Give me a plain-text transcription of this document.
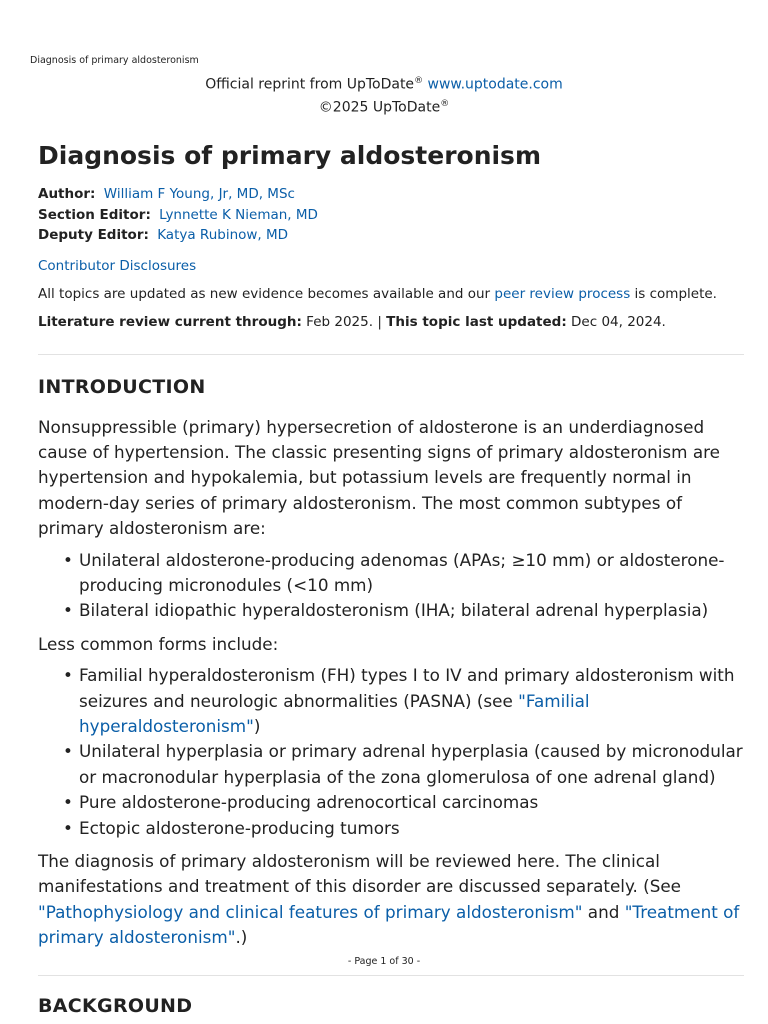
Diagnosis of primary aldosteronism
Official reprint from UpToDate® www.uptodate.com
©2025 UpToDate®
Diagnosis of primary aldosteronism
Author: William F Young, Jr, MD, MSc
Section Editor: Lynnette K Nieman, MD
Deputy Editor: Katya Rubinow, MD
Contributor Disclosures
All topics are updated as new evidence becomes available and our peer review process is complete.
Literature review current through: Feb 2025. | This topic last updated: Dec 04, 2024.
INTRODUCTION

Nonsuppressible (primary) hypersecretion of aldosterone is an underdiagnosed cause of hypertension. The classic presenting signs of primary aldosteronism are hypertension and hypokalemia, but potassium levels are frequently normal in modern-day series of primary aldosteronism. The most common subtypes of primary aldosteronism are:

• Unilateral aldosterone-producing adenomas (APAs; ≥10 mm) or aldosterone-producing micronodules (<10 mm)
• Bilateral idiopathic hyperaldosteronism (IHA; bilateral adrenal hyperplasia)

Less common forms include:

• Familial hyperaldosteronism (FH) types I to IV and primary aldosteronism with seizures and neurologic abnormalities (PASNA) (see "Familial hyperaldosteronism")
• Unilateral hyperplasia or primary adrenal hyperplasia (caused by micronodular or macronodular hyperplasia of the zona glomerulosa of one adrenal gland)
• Pure aldosterone-producing adrenocortical carcinomas
• Ectopic aldosterone-producing tumors

The diagnosis of primary aldosteronism will be reviewed here. The clinical manifestations and treatment of this disorder are discussed separately. (See "Pathophysiology and clinical features of primary aldosteronism" and "Treatment of primary aldosteronism".)

BACKGROUND
- Page 1 of 30 -
